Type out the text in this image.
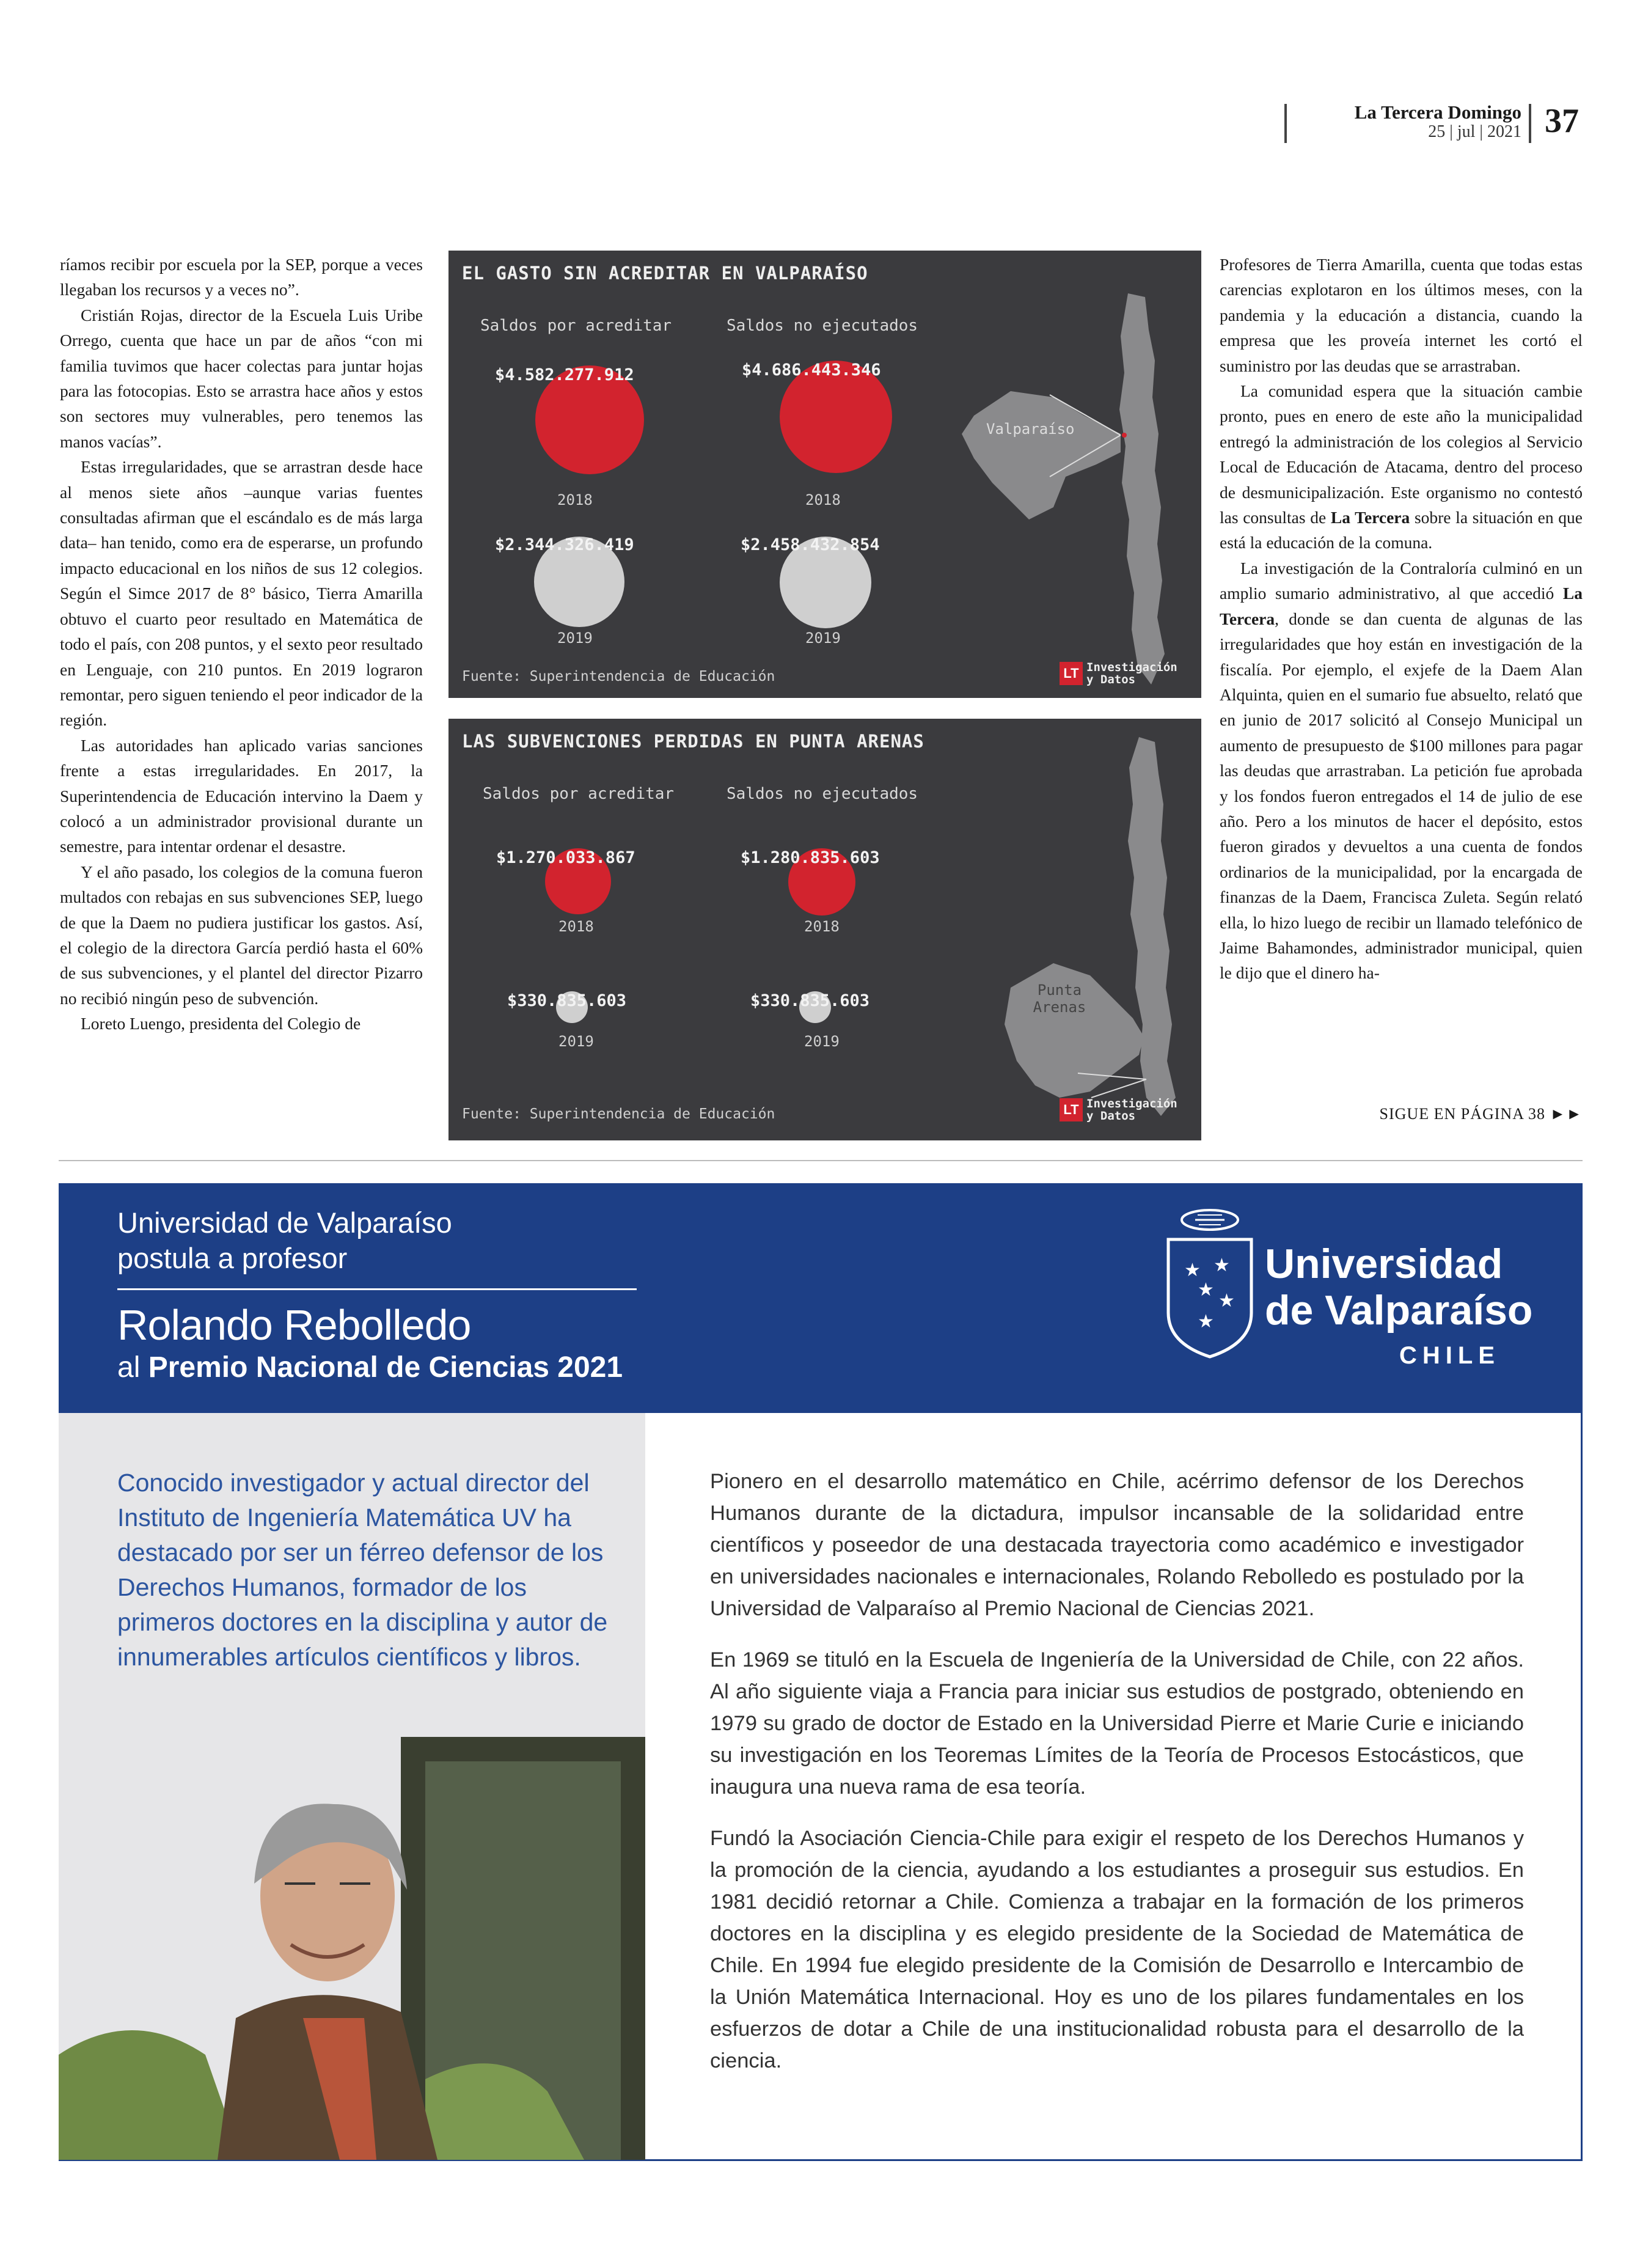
La Tercera Domingo
25 | jul | 2021 37

ríamos recibir por escuela por la SEP, porque a veces llegaban los recursos y a veces no”.

Cristián Rojas, director de la Escuela Luis Uribe Orrego, cuenta que hace un par de años “con mi familia tuvimos que hacer colectas para juntar hojas para las fotocopias. Esto se arrastra hace años y estos son sectores muy vulnerables, pero tenemos las manos vacías”.

Estas irregularidades, que se arrastran desde hace al menos siete años –aunque varias fuentes consultadas afirman que el escándalo es de más larga data– han tenido, como era de esperarse, un profundo impacto educacional en los niños de sus 12 colegios. Según el Simce 2017 de 8° básico, Tierra Amarilla obtuvo el cuarto peor resultado en Matemática de todo el país, con 208 puntos, y el sexto peor resultado en Lenguaje, con 210 puntos. En 2019 lograron remontar, pero siguen teniendo el peor indicador de la región.

Las autoridades han aplicado varias sanciones frente a estas irregularidades. En 2017, la Superintendencia de Educación intervino la Daem y colocó a un administrador provisional durante un semestre, para intentar ordenar el desastre.

Y el año pasado, los colegios de la comuna fueron multados con rebajas en sus subvenciones SEP, luego de que la Daem no pudiera justificar los gastos. Así, el colegio de la directora García perdió hasta el 60% de sus subvenciones, y el plantel del director Pizarro no recibió ningún peso de subvención.

Loreto Luengo, presidenta del Colegio de

EL GASTO SIN ACREDITAR EN VALPARAÍSO
Saldos por acreditar	Saldos no ejecutados
$4.582.277.912	$4.686.443.346
2018	2018
$2.344.326.419	$2.458.432.854
2019	2019
Valparaíso
Fuente: Superintendencia de Educación	LT Investigación y Datos
LAS SUBVENCIONES PERDIDAS EN PUNTA ARENAS
Saldos por acreditar	Saldos no ejecutados
$1.270.033.867	$1.280.835.603
2018	2018
$330.835.603	$330.835.603
2019	2019
Punta Arenas
Fuente: Superintendencia de Educación	LT Investigación y Datos

Profesores de Tierra Amarilla, cuenta que todas estas carencias explotaron en los últimos meses, con la pandemia y la educación a distancia, cuando la empresa que les proveía internet les cortó el suministro por las deudas que se arrastraban.

La comunidad espera que la situación cambie pronto, pues en enero de este año la municipalidad entregó la administración de los colegios al Servicio Local de Educación de Atacama, dentro del proceso de desmunicipalización. Este organismo no contestó las consultas de La Tercera sobre la situación en que está la educación de la comuna.

La investigación de la Contraloría culminó en un amplio sumario administrativo, al que accedió La Tercera, donde se dan cuenta de algunas de las irregularidades que hoy están en investigación de la fiscalía. Por ejemplo, el exjefe de la Daem Alan Alquinta, quien en el sumario fue absuelto, relató que en junio de 2017 solicitó al Consejo Municipal un aumento de presupuesto de $100 millones para pagar las deudas que arrastraban. La petición fue aprobada y los fondos fueron entregados el 14 de julio de ese año. Pero a los minutos de hacer el depósito, estos fueron girados y devueltos a una cuenta de fondos ordinarios de la municipalidad, por la encargada de finanzas de la Daem, Francisca Zuleta. Según relató ella, lo hizo luego de recibir un llamado telefónico de Jaime Bahamondes, administrador municipal, quien le dijo que el dinero ha-

SIGUE EN PÁGINA 38 ►►
Universidad de Valparaíso
postula a profesor
Rolando Rebolledo
al Premio Nacional de Ciencias 2021
★ ★
★
★
★
Universidad
de Valparaíso
CHILE
Conocido investigador y actual director del Instituto de Ingeniería Matemática UV ha destacado por ser un férreo defensor de los Derechos Humanos, formador de los primeros doctores en la disciplina y autor de innumerables artículos científicos y libros.

Pionero en el desarrollo matemático en Chile, acérrimo defensor de los Derechos Humanos durante de la dictadura, impulsor incansable de la solidaridad entre científicos y poseedor de una destacada trayectoria como académico e investigador en universidades nacionales e internacionales, Rolando Rebolledo es postulado por la Universidad de Valparaíso al Premio Nacional de Ciencias 2021.

En 1969 se tituló en la Escuela de Ingeniería de la Universidad de Chile, con 22 años. Al año siguiente viaja a Francia para iniciar sus estudios de postgrado, obteniendo en 1979 su grado de doctor de Estado en la Universidad Pierre et Marie Curie e iniciando su investigación en los Teoremas Límites de la Teoría de Procesos Estocásticos, que inaugura una nueva rama de esa teoría.

Fundó la Asociación Ciencia-Chile para exigir el respeto de los Derechos Humanos y la promoción de la ciencia, ayudando a los estudiantes a proseguir sus estudios. En 1981 decidió retornar a Chile. Comienza a trabajar en la formación de los primeros doctores en la disciplina y es elegido presidente de la Sociedad de Matemática de Chile. En 1994 fue elegido presidente de la Comisión de Desarrollo e Intercambio de la Unión Matemática Internacional. Hoy es uno de los pilares fundamentales en los esfuerzos de dotar a Chile de una institucionalidad robusta para el desarrollo de la ciencia.
